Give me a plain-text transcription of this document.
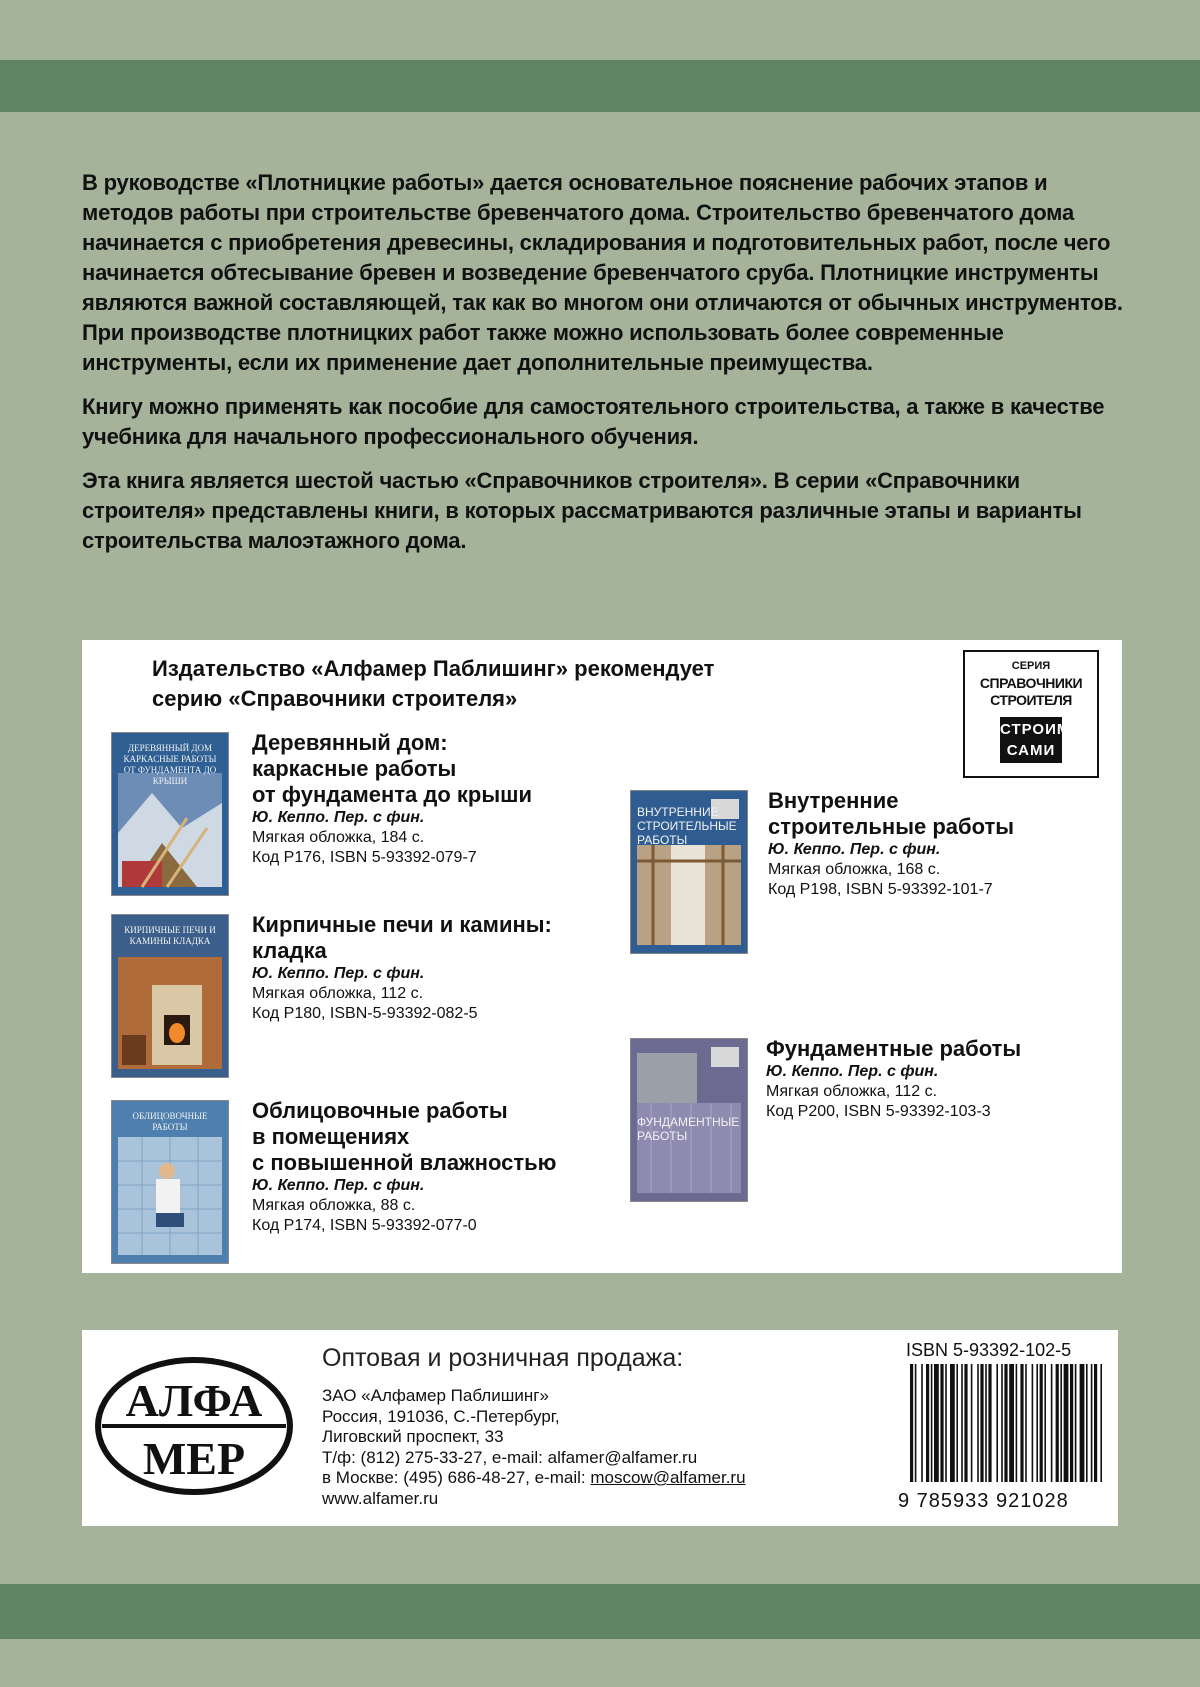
В руководстве «Плотницкие работы» дается основательное пояснение рабочих этапов и методов работы при строительстве бревенчатого дома. Строительство бревенчатого дома начинается с приобретения древесины, складирования и подготовительных работ, после чего начинается обтесывание бревен и возведение бревенчатого сруба. Плотницкие инструменты являются важной составляющей, так как во многом они отличаются от обычных инструментов. При производстве плотницких работ также можно использовать более современные инструменты, если их применение дает дополнительные преимущества.

Книгу можно применять как пособие для самостоятельного строительства, а также в качестве учебника для начального профессионального обучения.

Эта книга является шестой частью «Справочников строителя». В серии «Справочники строителя» представлены книги, в которых рассматриваются различные этапы и варианты строительства малоэтажного дома.

Издательство «Алфамер Паблишинг» рекомендует
серию «Справочники строителя»
СЕРИЯ
СПРАВОЧНИКИ
СТРОИТЕЛЯ
СТРОИМ
САМИ
ДЕРЕВЯННЫЙ ДОМ КАРКАСНЫЕ РАБОТЫ ОТ ФУНДАМЕНТА ДО КРЫШИ
Деревянный дом:
каркасные работы
от фундамента до крыши
Ю. Кеппо. Пер. с фин.
Мягкая обложка, 184 с.
Код Р176, ISBN 5-93392-079-7
КИРПИЧНЫЕ ПЕЧИ И КАМИНЫ КЛАДКА
Кирпичные печи и камины:
кладка
Ю. Кеппо. Пер. с фин.
Мягкая обложка, 112 с.
Код Р180, ISBN-5-93392-082-5
ОБЛИЦОВОЧНЫЕ РАБОТЫ
Облицовочные работы
в помещениях
с повышенной влажностью
Ю. Кеппо. Пер. с фин.
Мягкая обложка, 88 с.
Код Р174, ISBN 5-93392-077-0
ВНУТРЕННИЕ СТРОИТЕЛЬНЫЕ РАБОТЫ
Внутренние
строительные работы
Ю. Кеппо. Пер. с фин.
Мягкая обложка, 168 с.
Код Р198, ISBN 5-93392-101-7
ФУНДАМЕНТНЫЕ РАБОТЫ
Фундаментные работы
Ю. Кеппо. Пер. с фин.
Мягкая обложка, 112 с.
Код Р200, ISBN 5-93392-103-3
АЛФА
МЕР
Оптовая и розничная продажа:
ЗАО «Алфамер Паблишинг»
Россия, 191036, С.-Петербург,
Лиговский проспект, 33
Т/ф: (812) 275-33-27, e-mail: alfamer@alfamer.ru
в Москве: (495) 686-48-27, e-mail: moscow@alfamer.ru
www.alfamer.ru
ISBN 5-93392-102-5
9 785933 921028
